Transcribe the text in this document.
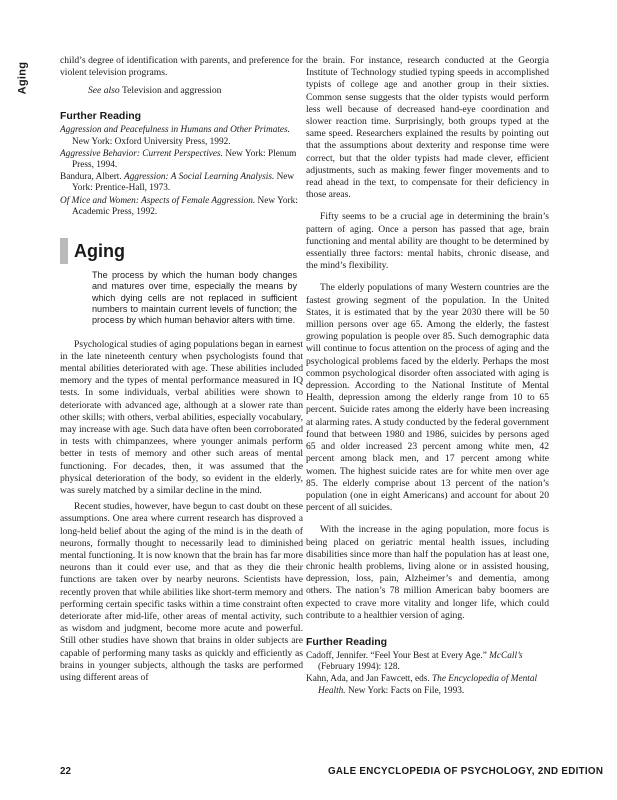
Aging

child’s degree of identification with parents, and preference for violent television programs.

See also Television and aggression
Further Reading
Aggression and Peacefulness in Humans and Other Primates. New York: Oxford University Press, 1992.
Aggressive Behavior: Current Perspectives. New York: Plenum Press, 1994.
Bandura, Albert. Aggression: A Social Learning Analysis. New York: Prentice-Hall, 1973.
Of Mice and Women: Aspects of Female Aggression. New York: Academic Press, 1992.
Aging
The process by which the human body changes and matures over time, especially the means by which dying cells are not replaced in sufficient numbers to maintain current levels of function; the process by which human behavior alters with time.

Psychological studies of aging populations began in earnest in the late nineteenth century when psychologists found that mental abilities deteriorated with age. These abilities included memory and the types of mental performance measured in IQ tests. In some individuals, verbal abilities were shown to deteriorate with advanced age, although at a slower rate than other skills; with others, verbal abilities, especially vocabulary, may increase with age. Such data have often been corroborated in tests with chimpanzees, where younger animals perform better in tests of memory and other such areas of mental functioning. For decades, then, it was assumed that the physical deterioration of the body, so evident in the elderly, was surely matched by a similar decline in the mind.

Recent studies, however, have begun to cast doubt on these assumptions. One area where current research has disproved a long-held belief about the aging of the mind is in the death of neurons, formally thought to necessarily lead to diminished mental functioning. It is now known that the brain has far more neurons than it could ever use, and that as they die their functions are taken over by nearby neurons. Scientists have recently proven that while abilities like short-term memory and performing certain specific tasks within a time constraint often deteriorate after mid-life, other areas of mental activity, such as wisdom and judgment, become more acute and powerful. Still other studies have shown that brains in older subjects are capable of performing many tasks as quickly and efficiently as brains in younger subjects, although the tasks are performed using different areas of

the brain. For instance, research conducted at the Georgia Institute of Technology studied typing speeds in accomplished typists of college age and another group in their sixties. Common sense suggests that the older typists would perform less well because of decreased hand-eye coordination and slower reaction time. Surprisingly, both groups typed at the same speed. Researchers explained the results by pointing out that the assumptions about dexterity and response time were correct, but that the older typists had made clever, efficient adjustments, such as making fewer finger movements and to read ahead in the text, to compensate for their deficiency in those areas.

Fifty seems to be a crucial age in determining the brain’s pattern of aging. Once a person has passed that age, brain functioning and mental ability are thought to be determined by essentially three factors: mental habits, chronic disease, and the mind’s flexibility.

The elderly populations of many Western countries are the fastest growing segment of the population. In the United States, it is estimated that by the year 2030 there will be 50 million persons over age 65. Among the elderly, the fastest growing population is people over 85. Such demographic data will continue to focus attention on the process of aging and the psychological problems faced by the elderly. Perhaps the most common psychological disorder often associated with aging is depression. According to the National Institute of Mental Health, depression among the elderly range from 10 to 65 percent. Suicide rates among the elderly have been increasing at alarming rates. A study conducted by the federal government found that between 1980 and 1986, suicides by persons aged 65 and older increased 23 percent among white men, 42 percent among black men, and 17 percent among white women. The highest suicide rates are for white men over age 85. The elderly comprise about 13 percent of the nation’s population (one in eight Americans) and account for about 20 percent of all suicides.

With the increase in the aging population, more focus is being placed on geriatric mental health issues, including disabilities since more than half the population has at least one, chronic health problems, living alone or in assisted housing, depression, loss, pain, Alzheimer’s and dementia, among others. The nation’s 78 million American baby boomers are expected to crave more vitality and longer life, which could contribute to a healthier version of aging.

Further Reading
Cadoff, Jennifer. “Feel Your Best at Every Age.” McCall’s (February 1994): 128.
Kahn, Ada, and Jan Fawcett, eds. The Encyclopedia of Mental Health. New York: Facts on File, 1993.
22	GALE ENCYCLOPEDIA OF PSYCHOLOGY, 2ND EDITION
